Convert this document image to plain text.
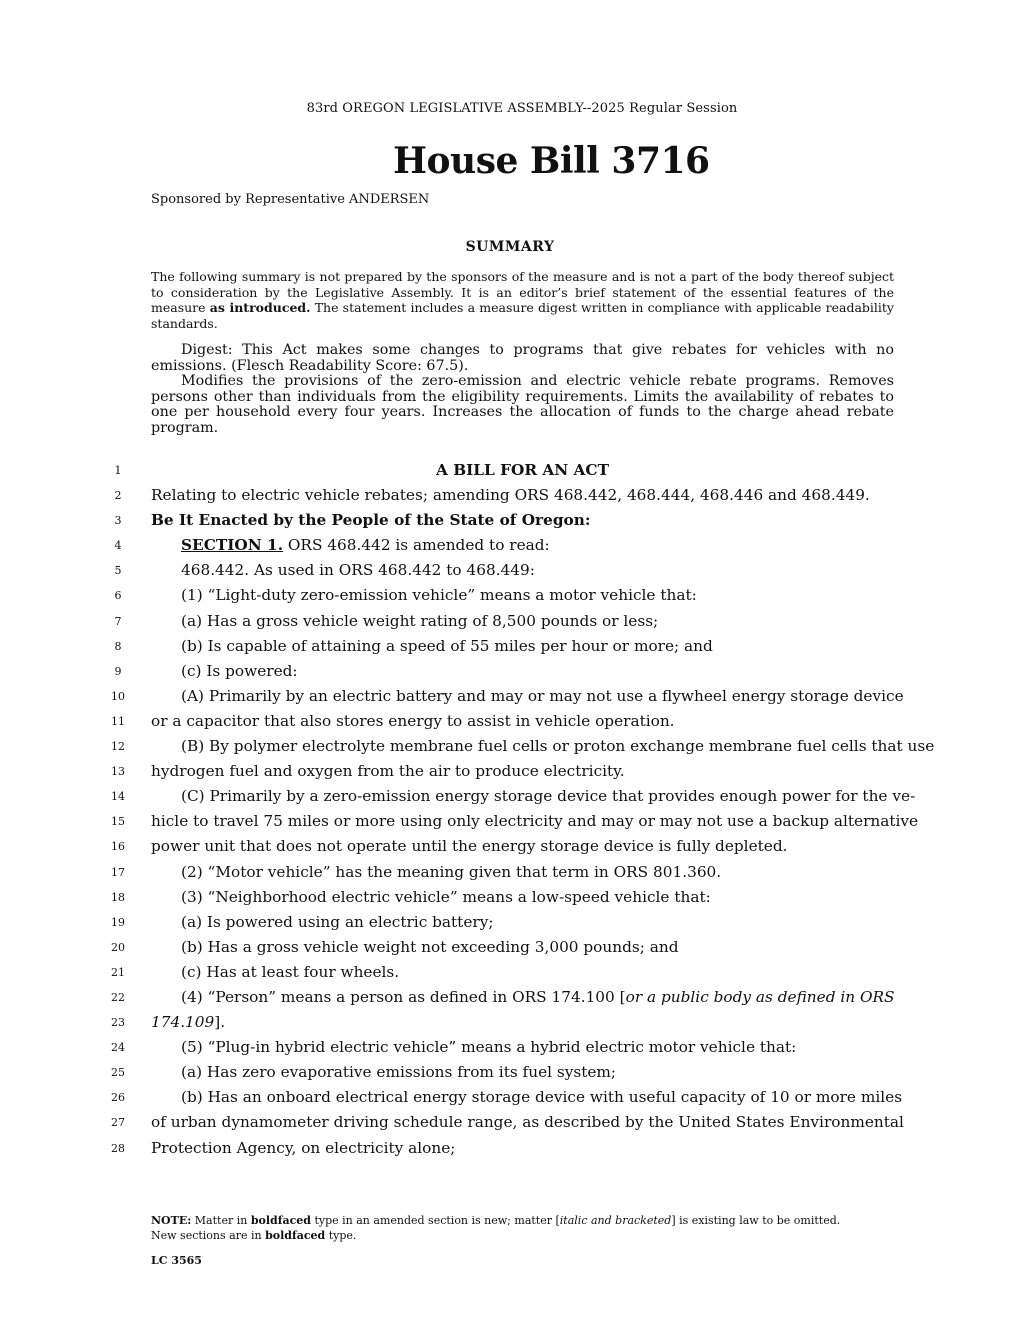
83rd OREGON LEGISLATIVE ASSEMBLY--2025 Regular Session
House Bill 3716
Sponsored by Representative ANDERSEN
SUMMARY
The following summary is not prepared by the sponsors of the measure and is not a part of the body thereof subject to consideration by the Legislative Assembly. It is an editor’s brief statement of the essential features of the measure as introduced. The statement includes a measure digest written in compliance with applicable readability standards.

Digest: This Act makes some changes to programs that give rebates for vehicles with no emissions. (Flesch Readability Score: 67.5).

Modifies the provisions of the zero-emission and electric vehicle rebate programs. Removes persons other than individuals from the eligibility requirements. Limits the availability of rebates to one per household every four years. Increases the allocation of funds to the charge ahead rebate program.

1
2
3
4
5
6
7
8
9
10
11
12
13
14
15
16
17
18
19
20
21
22
23
24
25
26
27
28
A BILL FOR AN ACT
Relating to electric vehicle rebates; amending ORS 468.442, 468.444, 468.446 and 468.449.
Be It Enacted by the People of the State of Oregon:
SECTION 1. ORS 468.442 is amended to read:
468.442. As used in ORS 468.442 to 468.449:
(1) “Light-duty zero-emission vehicle” means a motor vehicle that:
(a) Has a gross vehicle weight rating of 8,500 pounds or less;
(b) Is capable of attaining a speed of 55 miles per hour or more; and
(c) Is powered:
(A) Primarily by an electric battery and may or may not use a flywheel energy storage device
or a capacitor that also stores energy to assist in vehicle operation.
(B) By polymer electrolyte membrane fuel cells or proton exchange membrane fuel cells that use
hydrogen fuel and oxygen from the air to produce electricity.
(C) Primarily by a zero-emission energy storage device that provides enough power for the ve-
hicle to travel 75 miles or more using only electricity and may or may not use a backup alternative
power unit that does not operate until the energy storage device is fully depleted.
(2) “Motor vehicle” has the meaning given that term in ORS 801.360.
(3) “Neighborhood electric vehicle” means a low-speed vehicle that:
(a) Is powered using an electric battery;
(b) Has a gross vehicle weight not exceeding 3,000 pounds; and
(c) Has at least four wheels.
(4) “Person” means a person as defined in ORS 174.100 [or a public body as defined in ORS
174.109].
(5) “Plug-in hybrid electric vehicle” means a hybrid electric motor vehicle that:
(a) Has zero evaporative emissions from its fuel system;
(b) Has an onboard electrical energy storage device with useful capacity of 10 or more miles
of urban dynamometer driving schedule range, as described by the United States Environmental
Protection Agency, on electricity alone;
NOTE: Matter in boldfaced type in an amended section is new; matter [italic and bracketed] is existing law to be omitted.
New sections are in boldfaced type.
LC 3565
